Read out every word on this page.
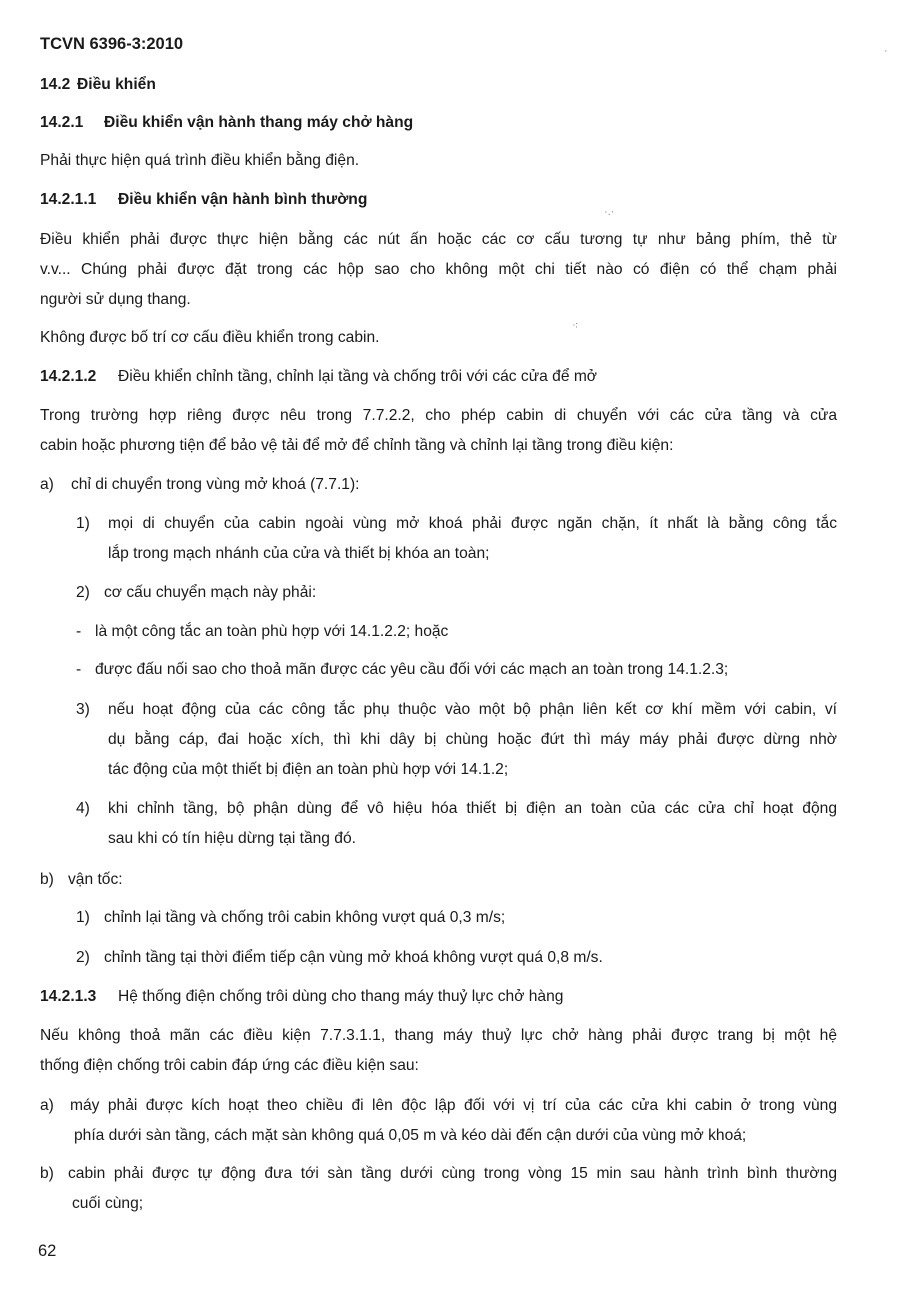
TCVN 6396-3:2010
14.2 Điều khiển
14.2.1 Điều khiển vận hành thang máy chở hàng
Phải thực hiện quá trình điều khiển bằng điện.
14.2.1.1 Điều khiển vận hành bình thường
Điều khiển phải được thực hiện bằng các nút ấn hoặc các cơ cấu tương tự như bảng phím, thẻ từ
v.v... Chúng phải được đặt trong các hộp sao cho không một chi tiết nào có điện có thể chạm phải
người sử dụng thang.
Không được bố trí cơ cấu điều khiển trong cabin.
14.2.1.2 Điều khiển chỉnh tầng, chỉnh lại tầng và chống trôi với các cửa để mở
Trong trường hợp riêng được nêu trong 7.7.2.2, cho phép cabin di chuyển với các cửa tầng và cửa
cabin hoặc phương tiện để bảo vệ tải để mở để chỉnh tầng và chỉnh lại tầng trong điều kiện:
a) chỉ di chuyển trong vùng mở khoá (7.7.1):
1) mọi di chuyển của cabin ngoài vùng mở khoá phải được ngăn chặn, ít nhất là bằng công tắc
lắp trong mạch nhánh của cửa và thiết bị khóa an toàn;
2) cơ cấu chuyển mạch này phải:
- là một công tắc an toàn phù hợp với 14.1.2.2; hoặc
- được đấu nối sao cho thoả mãn được các yêu cầu đối với các mạch an toàn trong 14.1.2.3;
3) nếu hoạt động của các công tắc phụ thuộc vào một bộ phận liên kết cơ khí mềm với cabin, ví
dụ bằng cáp, đai hoặc xích, thì khi dây bị chùng hoặc đứt thì máy máy phải được dừng nhờ
tác động của một thiết bị điện an toàn phù hợp với 14.1.2;
4) khi chỉnh tầng, bộ phận dùng để vô hiệu hóa thiết bị điện an toàn của các cửa chỉ hoạt động
sau khi có tín hiệu dừng tại tầng đó.
b) vận tốc:
1) chỉnh lại tầng và chống trôi cabin không vượt quá 0,3 m/s;
2) chỉnh tầng tại thời điểm tiếp cận vùng mở khoá không vượt quá 0,8 m/s.
14.2.1.3 Hệ thống điện chống trôi dùng cho thang máy thuỷ lực chở hàng
Nếu không thoả mãn các điều kiện 7.7.3.1.1, thang máy thuỷ lực chở hàng phải được trang bị một hệ
thống điện chống trôi cabin đáp ứng các điều kiện sau:
a) máy phải được kích hoạt theo chiều đi lên độc lập đối với vị trí của các cửa khi cabin ở trong vùng
phía dưới sàn tầng, cách mặt sàn không quá 0,05 m và kéo dài đến cận dưới của vùng mở khoá;
b) cabin phải được tự động đưa tới sàn tầng dưới cùng trong vòng 15 min sau hành trình bình thường
cuối cùng;
62
·.·
⁖
·
